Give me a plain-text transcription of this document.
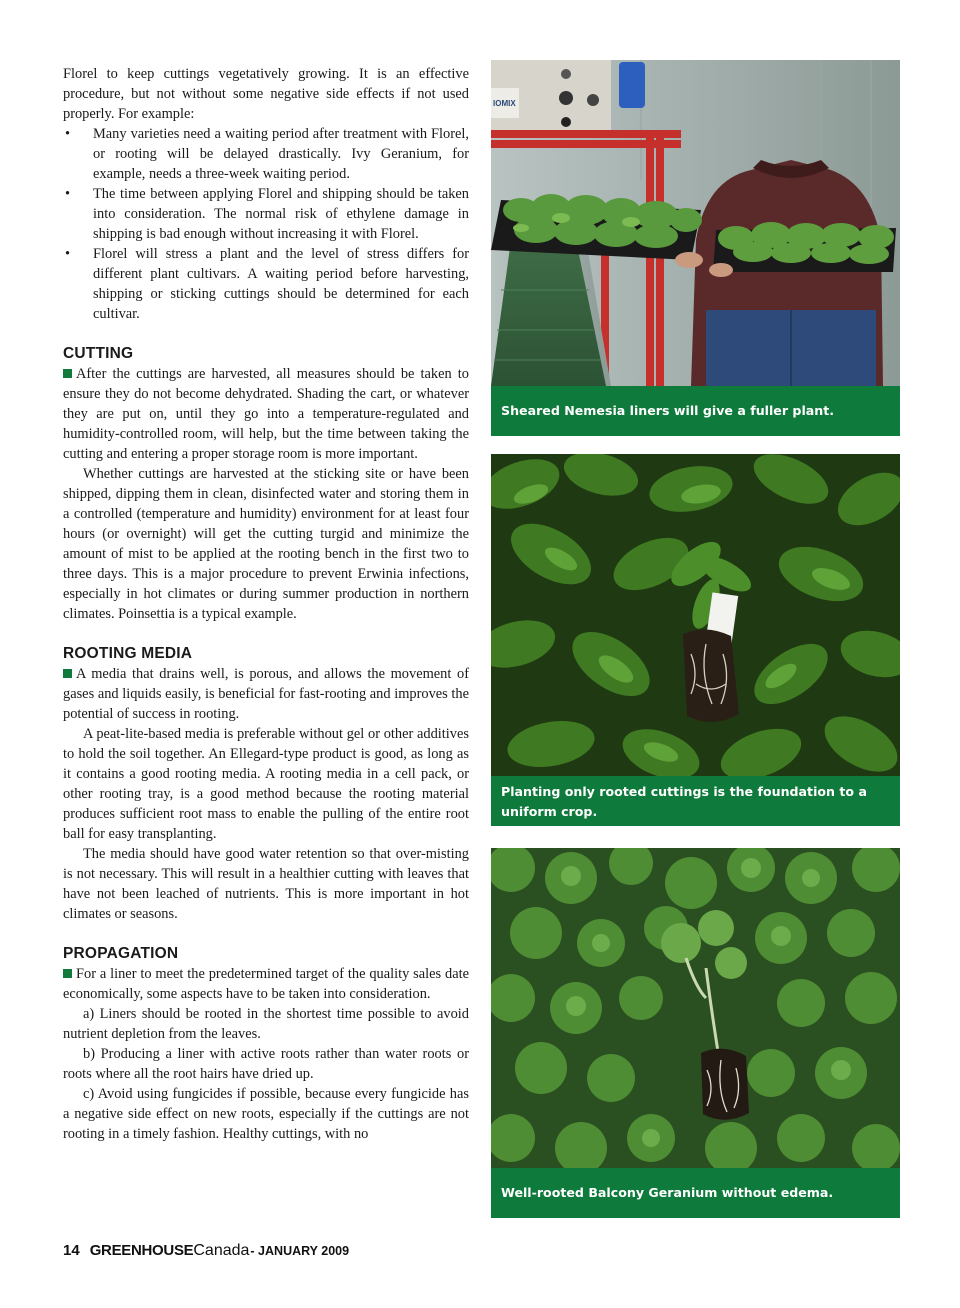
Florel to keep cuttings vegetatively growing. It is an effective procedure, but not without some negative side effects if not used properly. For example:

• Many varieties need a waiting period after treatment with Florel, or rooting will be delayed drastically. Ivy Geranium, for example, needs a three-week waiting period.
• The time between applying Florel and shipping should be taken into consideration. The normal risk of ethylene damage in shipping is bad enough without increasing it with Florel.
• Florel will stress a plant and the level of stress differs for different plant cultivars. A waiting period before harvesting, shipping or sticking cuttings should be determined for each cultivar.
CUTTING

After the cuttings are harvested, all measures should be taken to ensure they do not become dehydrated. Shading the cart, or whatever they are put on, until they go into a temperature-regulated and humidity-controlled room, will help, but the time between taking the cutting and entering a proper storage room is more important.

Whether cuttings are harvested at the sticking site or have been shipped, dipping them in clean, disinfected water and storing them in a controlled (temperature and humidity) environment for at least four hours (or overnight) will get the cutting turgid and minimize the amount of mist to be applied at the rooting bench in the first two to three days. This is a major procedure to prevent Erwinia infections, especially in hot climates or during summer production in northern climates. Poinsettia is a typical example.

ROOTING MEDIA

A media that drains well, is porous, and allows the movement of gases and liquids easily, is beneficial for fast-rooting and improves the potential of success in rooting.

A peat-lite-based media is preferable without gel or other additives to hold the soil together. An Ellegard-type product is good, as long as it contains a good rooting media. A rooting media in a cell pack, or other rooting tray, is a good method because the rooting material produces sufficient root mass to enable the pulling of the entire root ball for easy transplanting.

The media should have good water retention so that over-misting is not necessary. This will result in a healthier cutting with leaves that have not been leached of nutrients. This is more important in hot climates or seasons.

PROPAGATION

For a liner to meet the predetermined target of the quality sales date economically, some aspects have to be taken into consideration.

a) Liners should be rooted in the shortest time possible to avoid nutrient depletion from the leaves.

b) Producing a liner with active roots rather than water roots or roots where all the root hairs have dried up.

c) Avoid using fungicides if possible, because every fungicide has a negative side effect on new roots, especially if the cuttings are not rooting in a timely fashion. Healthy cuttings, with no

IOMIX
Sheared Nemesia liners will give a fuller plant.
Planting only rooted cuttings is the foundation to a uniform crop.
Well-rooted Balcony Geranium without edema.
14 GREENHOUSE Canada - JANUARY 2009
